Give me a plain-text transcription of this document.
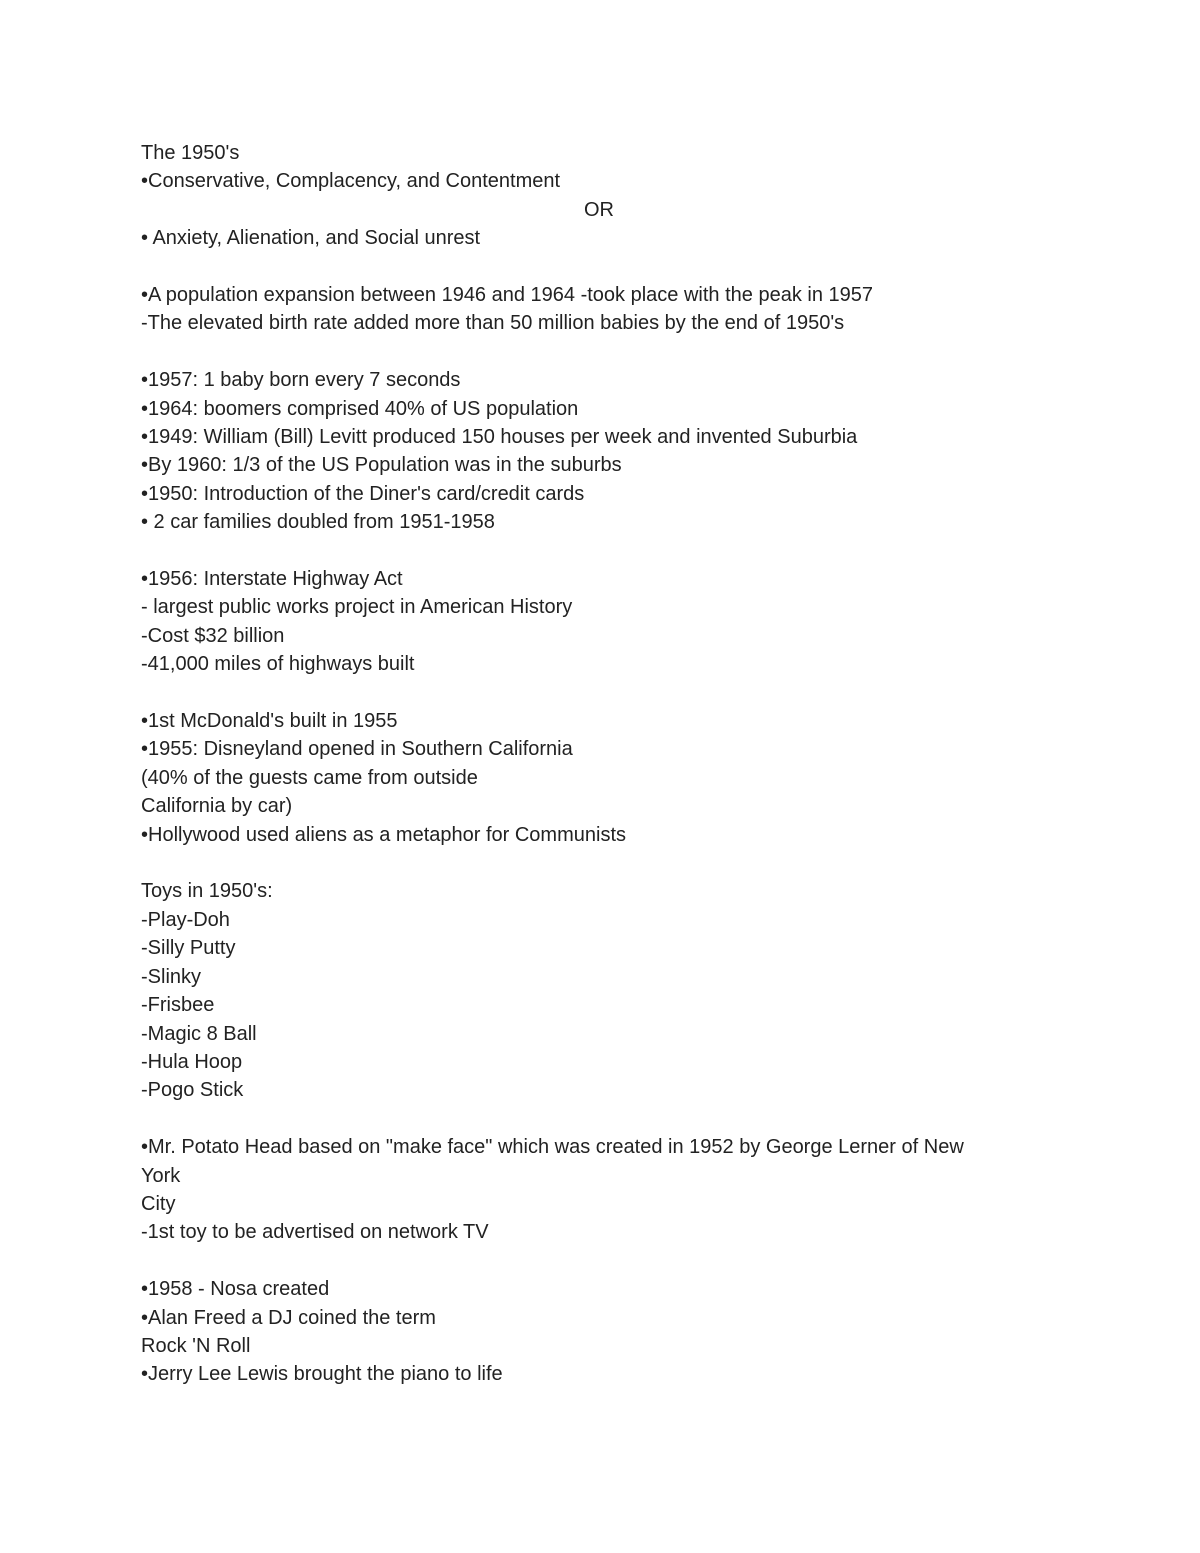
The 1950's
•Conservative, Complacency, and Contentment
OR
• Anxiety, Alienation, and Social unrest
•A population expansion between 1946 and 1964 -took place with the peak in 1957
-The elevated birth rate added more than 50 million babies by the end of 1950's
•1957: 1 baby born every 7 seconds
•1964: boomers comprised 40% of US population
•1949: William (Bill) Levitt produced 150 houses per week and invented Suburbia
•By 1960: 1/3 of the US Population was in the suburbs
•1950: Introduction of the Diner's card/credit cards
• 2 car families doubled from 1951-1958
•1956: Interstate Highway Act
- largest public works project in American History
-Cost $32 billion
-41,000 miles of highways built
•1st McDonald's built in 1955
•1955: Disneyland opened in Southern California
(40% of the guests came from outside
California by car)
•Hollywood used aliens as a metaphor for Communists
Toys in 1950's:
-Play-Doh
-Silly Putty
-Slinky
-Frisbee
-Magic 8 Ball
-Hula Hoop
-Pogo Stick
•Mr. Potato Head based on "make face" which was created in 1952 by George Lerner of New
York
City
-1st toy to be advertised on network TV
•1958 - Nosa created
•Alan Freed a DJ coined the term
Rock 'N Roll
•Jerry Lee Lewis brought the piano to life
